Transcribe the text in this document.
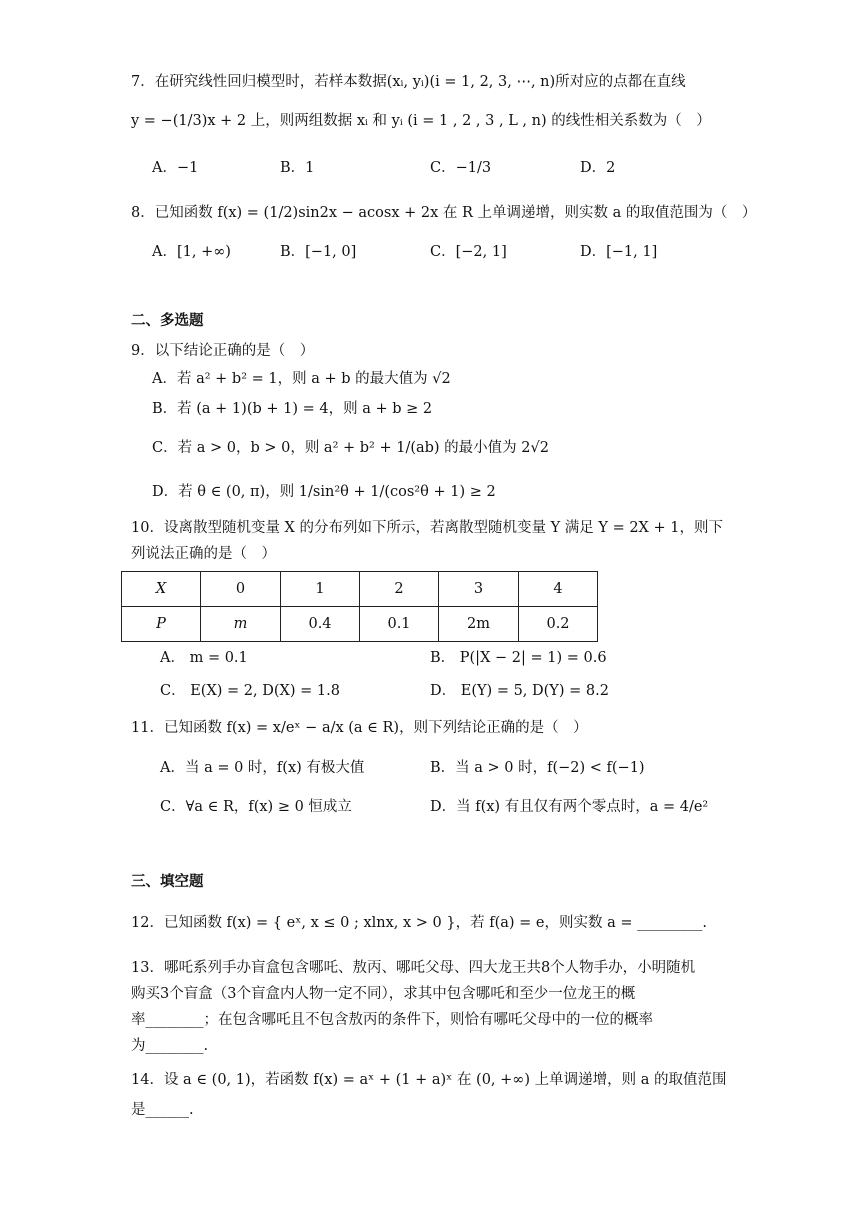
7．在研究线性回归模型时，若样本数据(xᵢ, yᵢ)(i = 1, 2, 3, ⋯, n)所对应的点都在直线
y = −(1/3)x + 2 上，则两组数据 xᵢ 和 yᵢ (i = 1 , 2 , 3 , L , n) 的线性相关系数为（　）
A．−1	B．1	C．−1/3	D．2
8．已知函数 f(x) = (1/2)sin2x − acosx + 2x 在 R 上单调递增，则实数 a 的取值范围为（　）
A．[1, +∞)	B．[−1, 0]	C．[−2, 1]	D．[−1, 1]
二、多选题
9．以下结论正确的是（　）
A．若 a² + b² = 1，则 a + b 的最大值为 √2
B．若 (a + 1)(b + 1) = 4，则 a + b ≥ 2
C．若 a > 0，b > 0，则 a² + b² + 1/(ab) 的最小值为 2√2
D．若 θ ∈ (0, π)，则 1/sin²θ + 1/(cos²θ + 1) ≥ 2
10．设离散型随机变量 X 的分布列如下所示，若离散型随机变量 Y 满足 Y = 2X + 1，则下
列说法正确的是（　）
X	0	1	2	3	4
P	m	0.4	0.1	2m	0.2
A． m = 0.1	B． P(|X − 2| = 1) = 0.6
C． E(X) = 2, D(X) = 1.8	D． E(Y) = 5, D(Y) = 8.2
11．已知函数 f(x) = x/eˣ − a/x (a ∈ R)，则下列结论正确的是（　）
A．当 a = 0 时，f(x) 有极大值	B．当 a > 0 时，f(−2) < f(−1)
C．∀a ∈ R，f(x) ≥ 0 恒成立	D．当 f(x) 有且仅有两个零点时，a = 4/e²
三、填空题
12．已知函数 f(x) = { eˣ, x ≤ 0 ; xlnx, x > 0 }，若 f(a) = e，则实数 a = _________.
13．哪吒系列手办盲盒包含哪吒、敖丙、哪吒父母、四大龙王共8个人物手办，小明随机
购买3个盲盒（3个盲盒内人物一定不同），求其中包含哪吒和至少一位龙王的概
率________；在包含哪吒且不包含敖丙的条件下，则恰有哪吒父母中的一位的概率
为________.
14．设 a ∈ (0, 1)，若函数 f(x) = aˣ + (1 + a)ˣ 在 (0, +∞) 上单调递增，则 a 的取值范围
是______.
